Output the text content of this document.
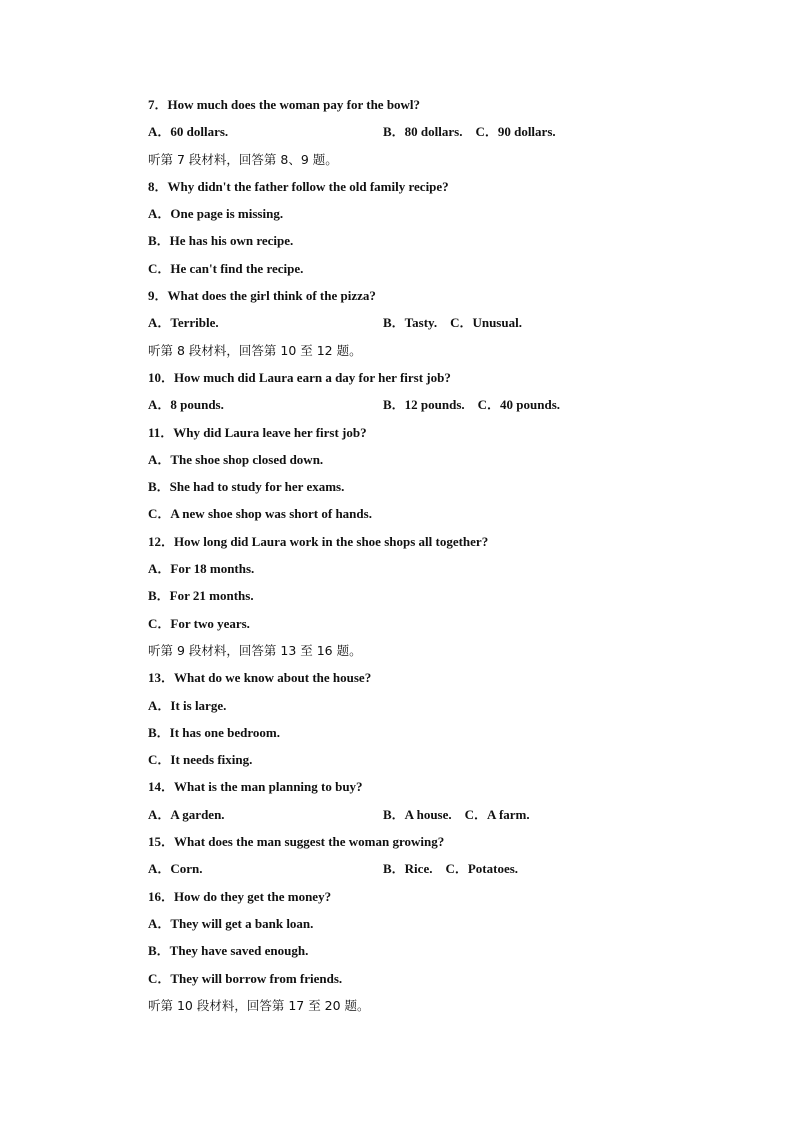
7．How much does the woman pay for the bowl?
A．60 dollars.	B．80 dollars.　C．90 dollars.
听第 7 段材料，回答第 8、9 题。
8．Why didn't the father follow the old family recipe?
A．One page is missing.
B．He has his own recipe.
C．He can't find the recipe.
9．What does the girl think of the pizza?
A．Terrible.	B．Tasty.　C．Unusual.
听第 8 段材料，回答第 10 至 12 题。
10．How much did Laura earn a day for her first job?
A．8 pounds.	B．12 pounds.　C．40 pounds.
11．Why did Laura leave her first job?
A．The shoe shop closed down.
B．She had to study for her exams.
C．A new shoe shop was short of hands.
12．How long did Laura work in the shoe shops all together?
A．For 18 months.
B．For 21 months.
C．For two years.
听第 9 段材料，回答第 13 至 16 题。
13．What do we know about the house?
A．It is large.
B．It has one bedroom.
C．It needs fixing.
14．What is the man planning to buy?
A．A garden.	B．A house.　C．A farm.
15．What does the man suggest the woman growing?
A．Corn.	B．Rice.　C．Potatoes.
16．How do they get the money?
A．They will get a bank loan.
B．They have saved enough.
C．They will borrow from friends.
听第 10 段材料，回答第 17 至 20 题。
